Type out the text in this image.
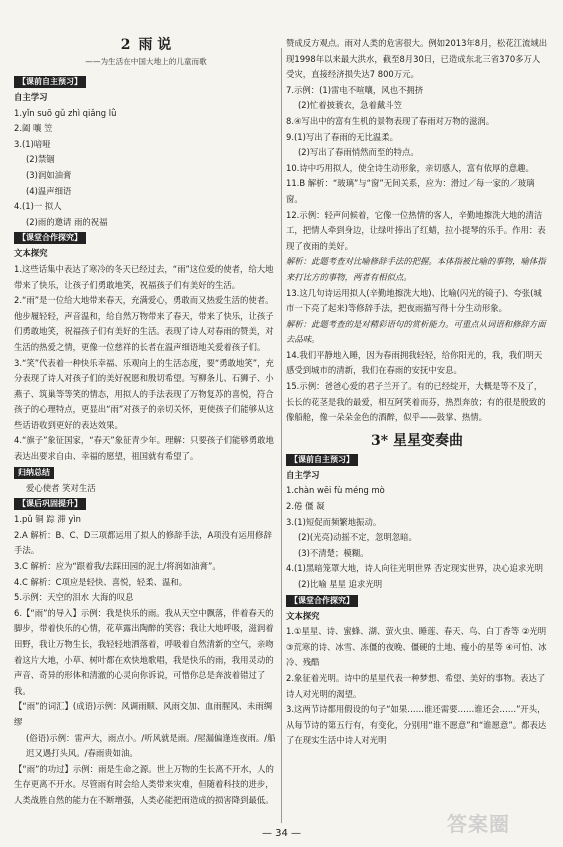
2 雨 说
——为生活在中国大地上的儿童而歌
【课前自主预习】

自主学习

1.yǐn suō gǔ zhì qiǎng lǜ

2.阖 嚷 笠

3.(1)喑哑

(2)禁锢

(3)润如油膏

(4)温声细语

4.(1)一 拟人

(2)雨的邀请 雨的祝福

【课堂合作探究】

文本探究

1.这些话集中表达了寒冷的冬天已经过去，“雨”这位爱的使者，给大地带来了快乐，让孩子们勇敢地笑，祝福孩子们有美好的生活。

2.“雨”是一位给大地带来春天，充满爱心，勇敢而又热爱生活的使者。他步履轻轻，声音温和，给自然万物带来了春天，带来了快乐，让孩子们勇敢地笑，祝福孩子们有美好的生活。表现了诗人对春雨的赞美，对生活的热爱之情，更像一位慈祥的长者在温声细语地关爱着孩子们。

3.“笑”代表着一种快乐幸福、乐观向上的生活态度，要“勇敢地笑”，充分表现了诗人对孩子们的美好祝愿和殷切希望。写柳条儿、石狮子、小燕子、筑巢等等笑的情态，用拟人的手法表现了万物复苏的喜悦，符合孩子的心理特点，更显出“雨”对孩子的亲切关怀，更使孩子们能够从这些话语收到更好的表达效果。

4.“旗子”象征国家，“春天”象征青少年。理解：只要孩子们能够勇敢地表达出要求自由、幸福的愿望，祖国就有希望了。

归纳总结

爱心使者 笑对生活

【课后巩固提升】

1.pǔ 铜 踪 滞 yìn

2.A 解析：B、C、D三项都运用了拟人的修辞手法，A项没有运用修辞手法。

3.C 解析：应为“跟着我/去踩田园的泥土/将润如油膏”。

4.C 解析：C项应是轻快、喜悦，轻柔、温和。

5.示例：天空的泪水 大海的叹息

6.【“雨”的导入】示例：我是快乐的雨。我从天空中飘落，伴着春天的脚步，带着快乐的心情，花草露出陶醉的笑容；我让大地呼吸，滋润着田野，我让万物生长，我轻轻地洒落着，呼吸着自然清新的空气，亲吻着这片大地，小草、树叶都在欢快地歌唱，我是快乐的雨，我用灵动的声音、奇异的形体和清澈的心灵向你诉说，可惜你总是奔波着错过了我。

【“雨”的词汇】(成语)示例：风调雨顺、风雨交加、血雨腥风、未雨绸缪

(俗语)示例：雷声大，雨点小。/听风就是雨。/屋漏偏逢连夜雨。/船迟又遇打头风。/春雨贵如油。

【“雨”的功过】示例：雨是生命之源。世上万物的生长离不开水，人的生存更离不开水。尽管雨有时会给人类带来灾难，但随着科技的进步，人类战胜自然的能力在不断增强，人类必能把雨造成的损害降到最低。

赞成反方观点。雨对人类的危害很大。例如2013年8月，松花江流域出现1998年以来最大洪水，截至8月30日，已造成东北三省370多万人受灾，直接经济损失达7 800万元。

7.示例：(1)雷电不喧嚷，风也不拥挤

(2)忙着披蓑衣，急着戴斗笠

8.④写出中的富有生机的景物表现了春雨对万物的滋润。

9.(1)写出了春雨的无比温柔。

(2)写出了春雨悄然而至的特点。

10.诗中巧用拟人，使全诗生动形象，亲切感人，富有依厚的意趣。

11.B 解析：“玻璃”与“窗”无间关系，应为：滑过／每一家的／玻璃窗。

12.示例：轻声问候着，它像一位热情的客人，辛勤地擦洗大地的清洁工，把情人牵到身边，让绿叶捧出了红蜡，拉小提琴的乐手。作用：表现了夜雨的美好。

解析：此题考查对比喻修辞手法的把握。本体指被比喻的事物，喻体指来打比方的事物，两者有相似点。

13.这几句诗运用拟人(辛勤地擦洗大地)、比喻(闪光的镜子)、夸张(城市一下亮了起来)等修辞手法，把夜雨描写得十分生动形象。

解析：此题考查的是对精彩语句的赏析能力。可重点从词语和修辞方面去品味。

14.我们平静地入睡，因为春雨拥我轻轻，给你阳光的，我，我们明天感受到城市的清新，我们在春雨的安抚中安息。

15.示例：爸爸心爱的君子兰开了。有的已经绽开，大概是等不及了，长长的花茎是我的最爱，相互阿笑着而芬，热烈奔放；有的很是殷致的像船舱，像一朵朵金色的酒醉，似乎——鼓掌、热情。

3* 星星变奏曲
【课前自主预习】

自主学习

1.chàn wēi fù méng mò

2.倦 僵 凝

3.(1)短促而频繁地振动。

(2)(光亮)动摇不定，忽明忽暗。

(3)不清楚；模糊。

4.(1)黑暗笼罩大地，诗人向往光明世界 否定现实世界，决心追求光明

(2)比喻 星星 追求光明

【课堂合作探究】

文本探究

1.①星星、诗、蜜蜂、湖、萤火虫、睡莲、春天、鸟、白丁香等 ②光明 ③荒寒的诗、冰雪、冻僵的夜晚、僵硬的土地、瘦小的星等 ④可怕、冰冷、残酷

2.象征着光明。诗中的星星代表一种梦想、希望、美好的事物。表达了诗人对光明的渴望。

3.这两节诗都用假设的句子“如果……谁还需要……谁还会……”开头，从每节诗的第五行有，有变化，分别用“谁不愿意”和“谁愿意”。都表达了在现实生活中诗人对光明

— 34 —	答案圈
